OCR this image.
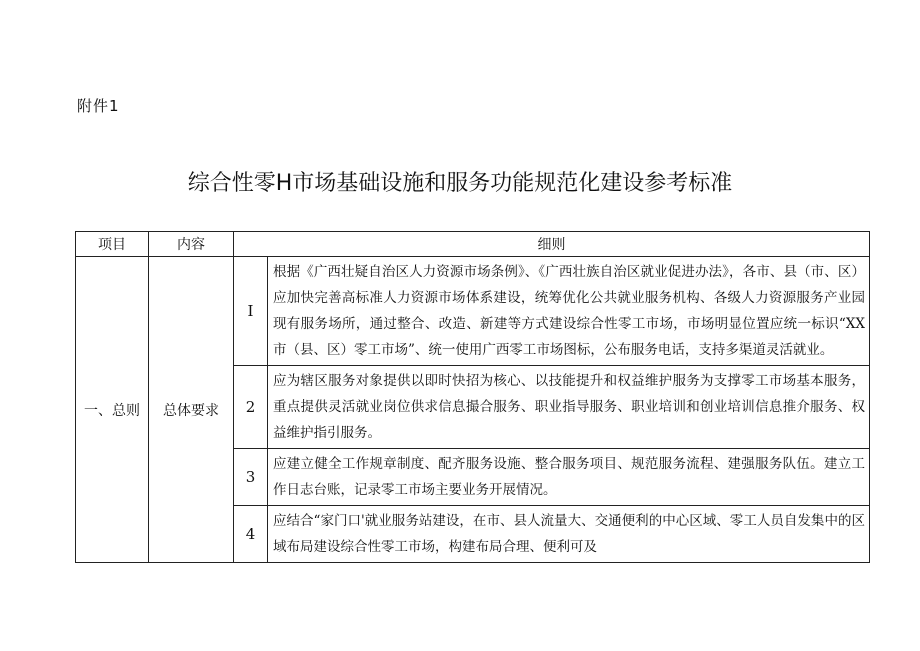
附件1
综合性零H市场基础设施和服务功能规范化建设参考标准
项目	内容	细则	
一、总则	总体要求	I	根据《广西壮疑自治区人力资源市场条例》、《广西壮族自治区就业促进办法》，各市、县（市、区）应加快完善高标准人力资源市场体系建设，统筹优化公共就业服务机构、各级人力资源服务产业园现有服务场所，通过整合、改造、新建等方式建设综合性零工市场，市场明显位置应统一标识“XX市（县、区）零工市场”、统一使用广西零工市场图标，公布服务电话，支持多渠道灵活就业。
		2	应为辖区服务对象提供以即时快招为核心、以技能提升和权益维护服务为支撑零工市场基本服务，重点提供灵活就业岗位供求信息撮合服务、职业指导服务、职业培训和创业培训信息推介服务、权益维护指引服务。
		3	应建立健全工作规章制度、配齐服务设施、整合服务项目、规范服务流程、建强服务队伍。建立工作日志台账，记录零工市场主要业务开展情况。
		4	应结合“家门口'就业服务站建设，在市、县人流量大、交通便利的中心区域、零工人员自发集中的区域布局建设综合性零工市场，构建布局合理、便利可及
